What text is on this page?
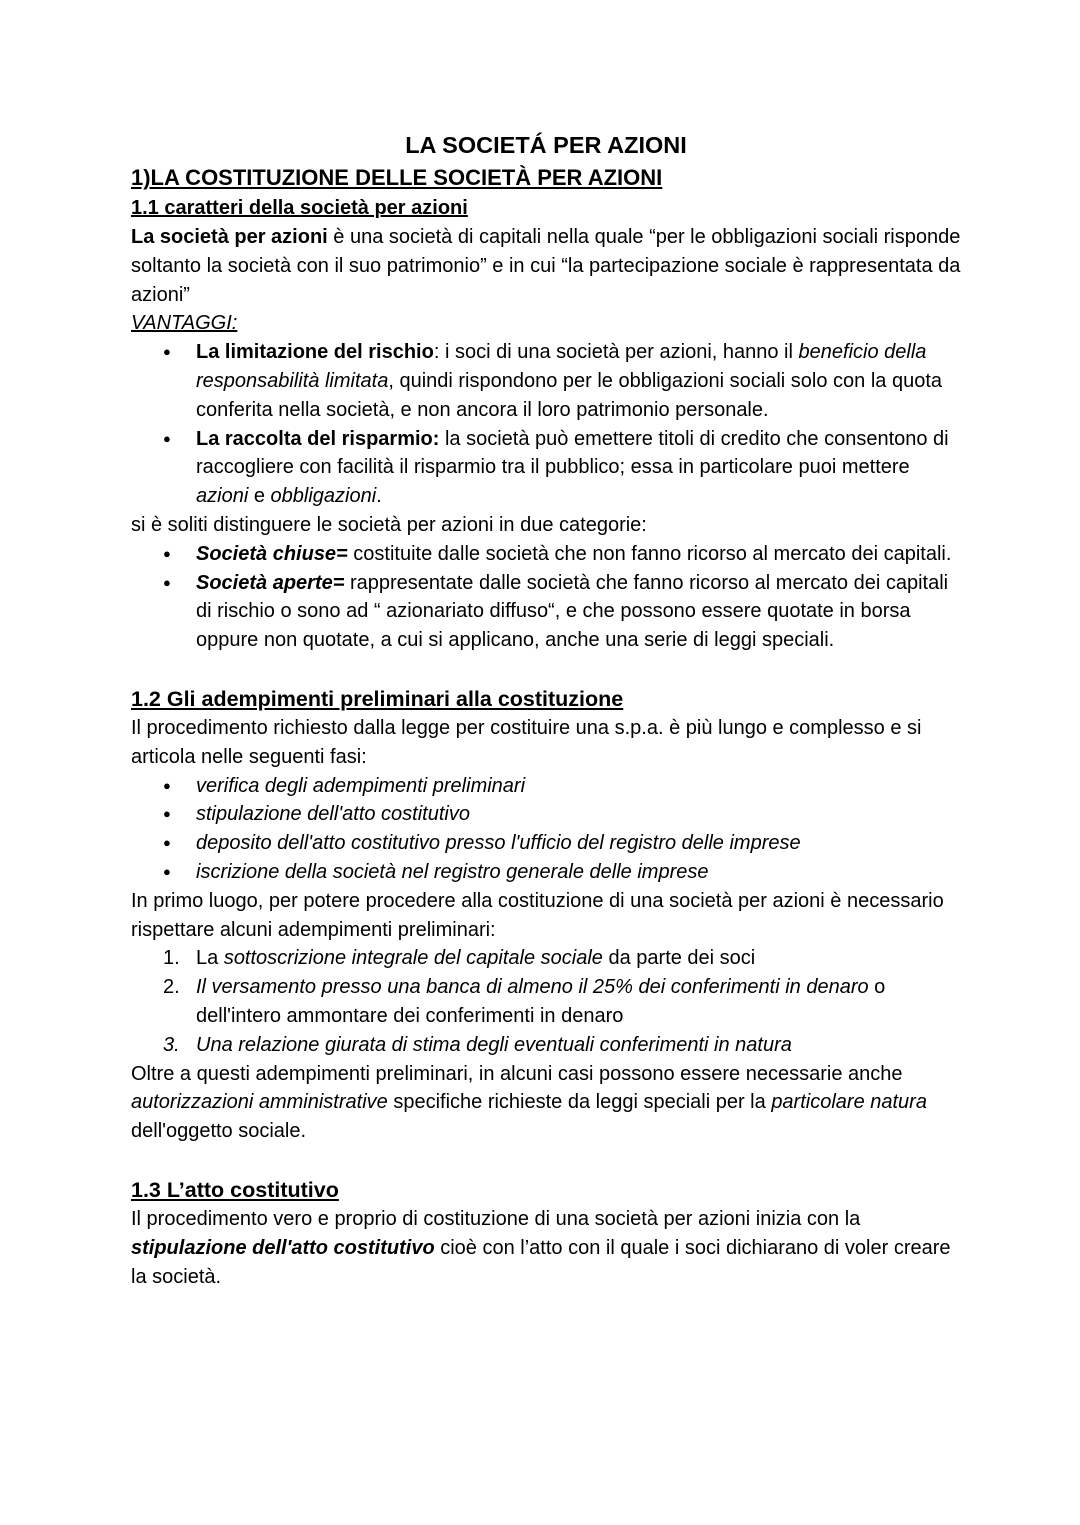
LA SOCIETÁ PER AZIONI
1)LA COSTITUZIONE DELLE SOCIETÀ PER AZIONI
1.1 caratteri della società per azioni

La società per azioni è una società di capitali nella quale “per le obbligazioni sociali risponde soltanto la società con il suo patrimonio” e in cui “la partecipazione sociale è rappresentata da azioni”

VANTAGGI:

● La limitazione del rischio: i soci di una società per azioni, hanno il beneficio della responsabilità limitata, quindi rispondono per le obbligazioni sociali solo con la quota conferita nella società, e non ancora il loro patrimonio personale.
● La raccolta del risparmio: la società può emettere titoli di credito che consentono di raccogliere con facilità il risparmio tra il pubblico; essa in particolare puoi mettere azioni e obbligazioni.

si è soliti distinguere le società per azioni in due categorie:

● Società chiuse= costituite dalle società che non fanno ricorso al mercato dei capitali.
● Società aperte= rappresentate dalle società che fanno ricorso al mercato dei capitali di rischio o sono ad “ azionariato diffuso“, e che possono essere quotate in borsa oppure non quotate, a cui si applicano, anche una serie di leggi speciali.
1.2 Gli adempimenti preliminari alla costituzione

Il procedimento richiesto dalla legge per costituire una s.p.a. è più lungo e complesso e si articola nelle seguenti fasi:

● verifica degli adempimenti preliminari
● stipulazione dell'atto costitutivo
● deposito dell'atto costitutivo presso l'ufficio del registro delle imprese
● iscrizione della società nel registro generale delle imprese

In primo luogo, per potere procedere alla costituzione di una società per azioni è necessario rispettare alcuni adempimenti preliminari:

1. La sottoscrizione integrale del capitale sociale da parte dei soci
2. Il versamento presso una banca di almeno il 25% dei conferimenti in denaro o dell'intero ammontare dei conferimenti in denaro
3. Una relazione giurata di stima degli eventuali conferimenti in natura

Oltre a questi adempimenti preliminari, in alcuni casi possono essere necessarie anche autorizzazioni amministrative specifiche richieste da leggi speciali per la particolare natura dell'oggetto sociale.

1.3 L’atto costitutivo

Il procedimento vero e proprio di costituzione di una società per azioni inizia con la stipulazione dell'atto costitutivo cioè con l’atto con il quale i soci dichiarano di voler creare la società.
